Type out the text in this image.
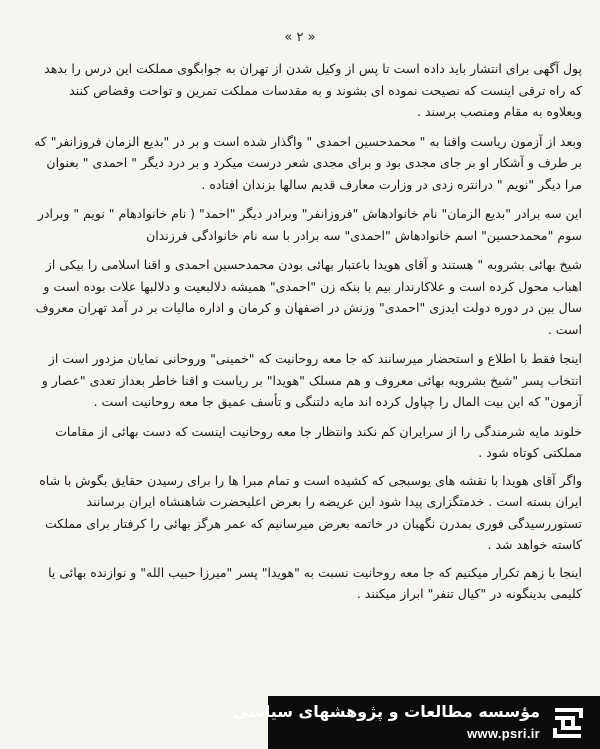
« ۲ »

پول آگهی برای انتشار باید داده است تا پس از وکیل شدن از تهران به جوابگوی مملکت این درس را بدهد که راه ترقی اینست که نصیحت نموده ای بشوند و به مقدسات مملکت تمرین و تواحت وقضاص کنند وبعلاوه به مقام ومنصب برسند .

وبعد از آزمون ریاست واقنا به " محمدحسین احمدی " واگذار شده است و بر در "بدیع الزمان فروزانفر" که بر طرف و آشکار او بر جای مجدی بود و برای مجدی شعر درست میکرد و بر درد دیگر " احمدی " بعنوان مرا دیگر "نویم " درانتره زدی در وزارت معارف قدیم سالها بزندان افتاده .

این سه برادر "بدیع الزمان" نام خانوادهاش "فروزانفر" وبرادر دیگر "احمد" ( نام خانوادهام " نویم " وبرادر سوم "محمدحسین" اسم خانوادهاش "احمدی" سه برادر با سه نام خانوادگی فرزندان

شیخ بهائی بشروبه " هستند و آقای هویدا باعتبار بهائی بودن محمدحسین احمدی و اقنا اسلامی را بیکی از اهباب محول کرده است و علاکارندار بیم با بنکه زن "احمدی" همیشه دلالبعیت و دلالبها علات بوده است و سال بین در دوره دولت ایدزی "احمدی" وزنش در اصفهان و کرمان و اداره مالیات بر در آمد تهران معروف است .

اینجا فقط با اطلاع و استحضار میرسانند که جا معه روحانیت که "خمینی" وروحانی نمایان مزدور است از انتخاب پسر "شیخ بشرویه بهائی معروف و هم مسلک "هویدا" بر ریاست و اقنا خاطر بعداز تعدی "عصار و آزمون" که این بیت المال را چپاول کرده اند مایه دلتنگی و تأسف عمیق جا معه روحانیت است .

خلوند مایه شرمندگی را از سرایران کم نکند وانتظار جا معه روحانیت اینست که دست بهائی از مقامات مملکتی کوتاه شود .

واگر آقای هویدا با نقشه های یوسبجی که کشیده است و تمام مبرا ها را برای رسیدن حقایق بگوش با شاه ایران بسته است . خدمتگزاری پیدا شود این عریضه را بعرض اعلیحضرت شاهنشاه ایران برسانند تستوررسیدگی فوری بمدرن نگهبان در خاتمه بعرض میرسانیم که عمر هرگز بهائی را کرفتار برای مملکت کاسته خواهد شد .

اینجا با زهم تکرار میکنیم که جا معه روحانیت نسبت به "هویدا" پسر "میرزا حبیب الله" و نوازنده بهائی یا کلیمی بدینگونه در "کیال تنفر" ابراز میکنند .

مؤسسه مطالعات و پژوهشهای سیاسی
www.psri.ir
